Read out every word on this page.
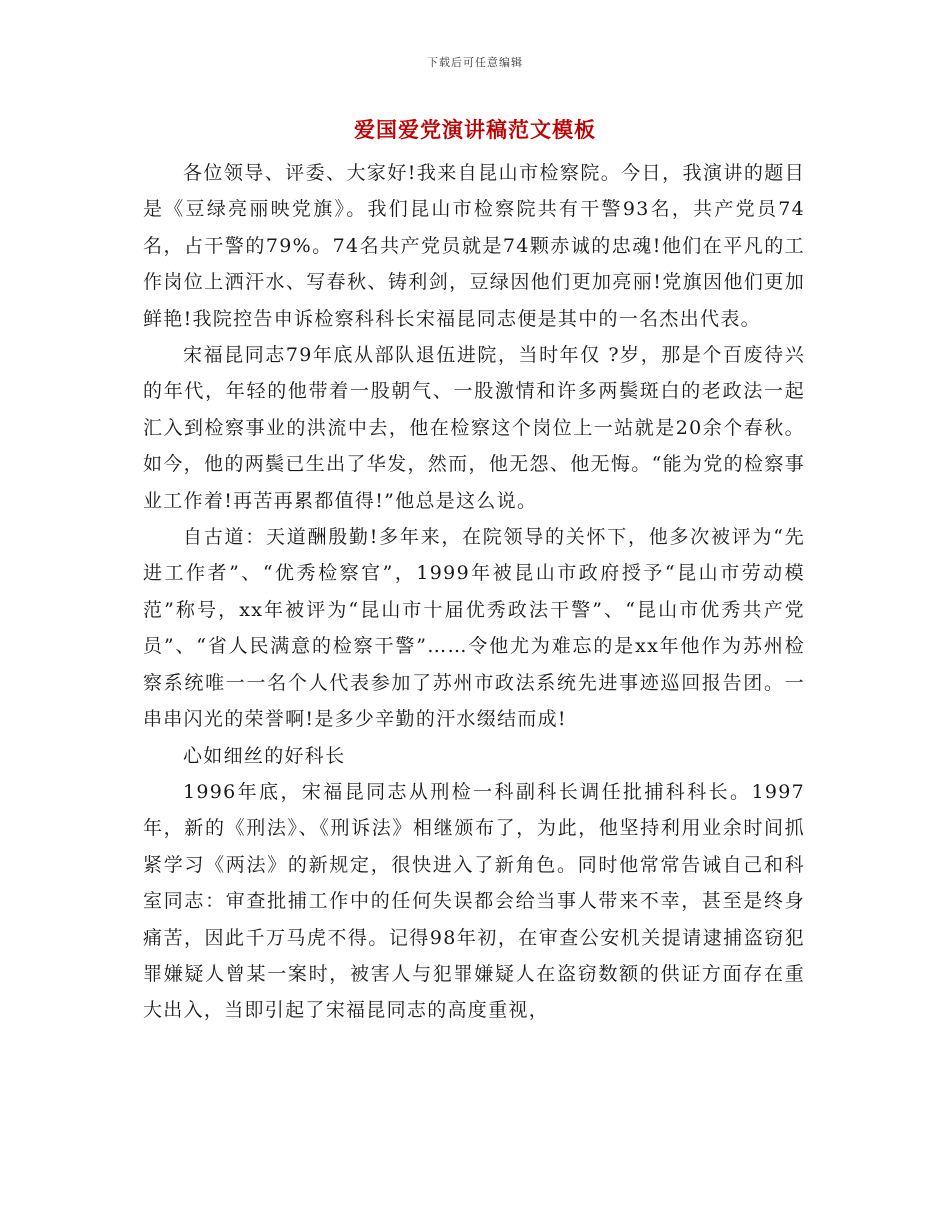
下载后可任意编辑
爱国爱党演讲稿范文模板

各位领导、评委、大家好!我来自昆山市检察院。今日，我演讲的题目是《豆绿亮丽映党旗》。我们昆山市检察院共有干警93名，共产党员74 名，占干警的79%。74名共产党员就是74颗赤诚的忠魂!他们在平凡的工作岗位上洒汗水、写春秋、铸利剑，豆绿因他们更加亮丽!党旗因他们更加鲜艳!我院控告申诉检察科科长宋福昆同志便是其中的一名杰出代表。

宋福昆同志79年底从部队退伍进院，当时年仅 ?岁，那是个百废待兴的年代，年轻的他带着一股朝气、一股激情和许多两鬓斑白的老政法一起汇入到检察事业的洪流中去，他在检察这个岗位上一站就是20余个春秋。如今，他的两鬓已生出了华发，然而，他无怨、他无悔。“能为党的检察事业工作着!再苦再累都值得!”他总是这么说。

自古道：天道酬殷勤!多年来，在院领导的关怀下，他多次被评为“先进工作者”、“优秀检察官”，1999年被昆山市政府授予“昆山市劳动模范”称号，xx年被评为“昆山市十届优秀政法干警”、“昆山市优秀共产党员”、“省人民满意的检察干警”……令他尤为难忘的是xx年他作为苏州检察系统唯一一名个人代表参加了苏州市政法系统先进事迹巡回报告团。一串串闪光的荣誉啊!是多少辛勤的汗水缀结而成!

心如细丝的好科长

1996年底，宋福昆同志从刑检一科副科长调任批捕科科长。1997年，新的《刑法》、《刑诉法》相继颁布了，为此，他坚持利用业余时间抓紧学习《两法》的新规定，很快进入了新角色。同时他常常告诫自己和科室同志：审查批捕工作中的任何失误都会给当事人带来不幸，甚至是终身痛苦，因此千万马虎不得。记得98年初，在审查公安机关提请逮捕盗窃犯罪嫌疑人曾某一案时，被害人与犯罪嫌疑人在盗窃数额的供证方面存在重大出入，当即引起了宋福昆同志的高度重视，
